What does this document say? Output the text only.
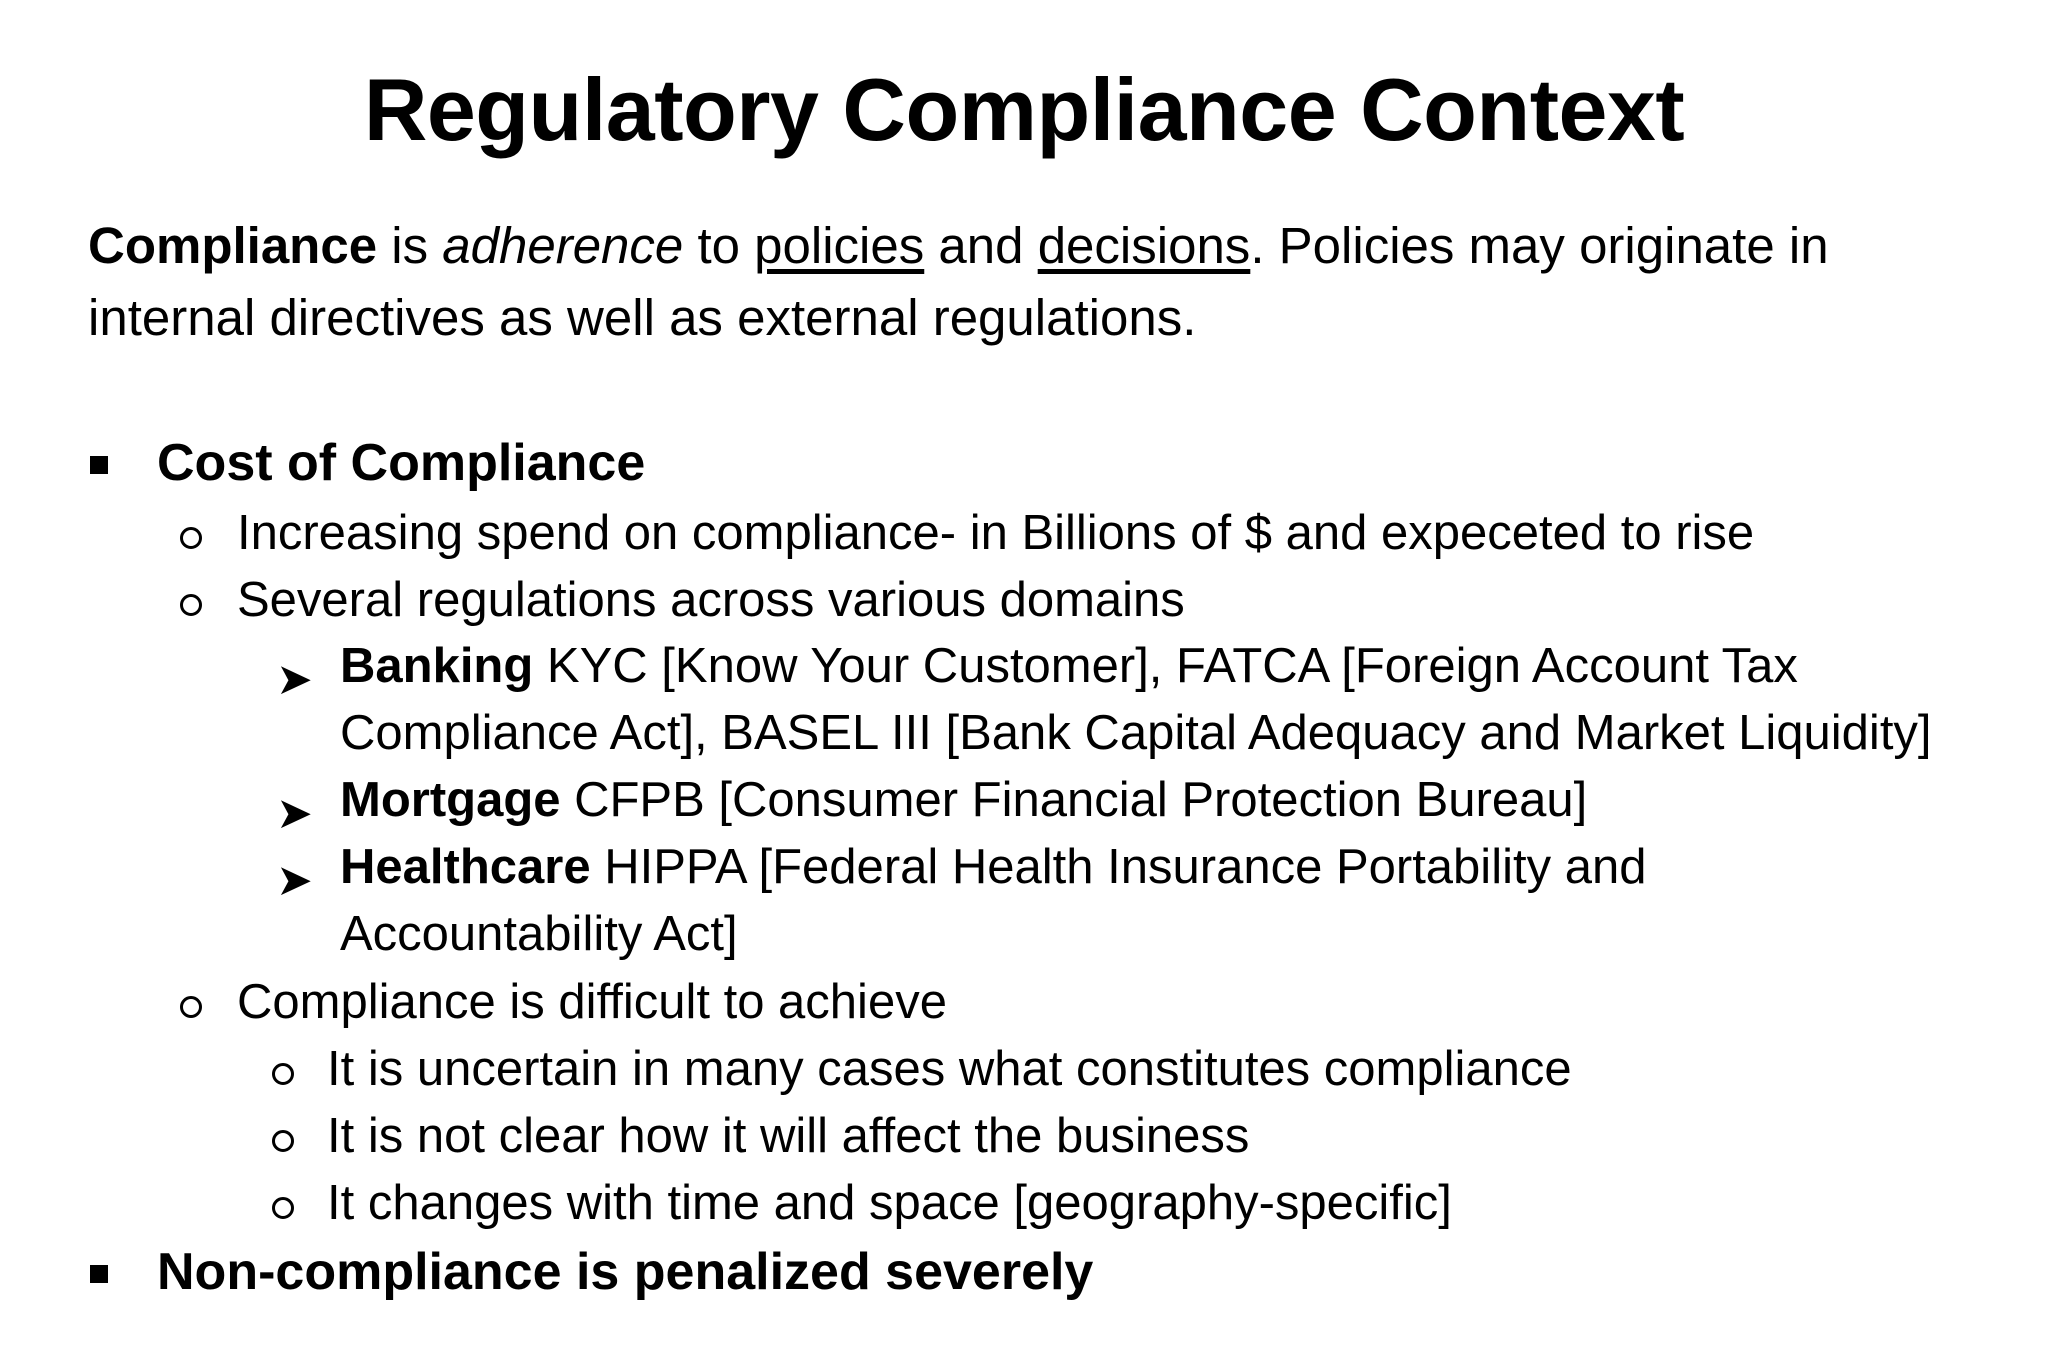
Regulatory Compliance Context
Compliance is adherence to policies and decisions. Policies may originate in
internal directives as well as external regulations.
Cost of Compliance
Increasing spend on compliance- in Billions of $ and expeceted to rise
Several regulations across various domains
➤ Banking KYC [Know Your Customer], FATCA [Foreign Account Tax
Compliance Act], BASEL III [Bank Capital Adequacy and Market Liquidity]
➤ Mortgage CFPB [Consumer Financial Protection Bureau]
➤ Healthcare HIPPA [Federal Health Insurance Portability and
Accountability Act]
Compliance is difficult to achieve
It is uncertain in many cases what constitutes compliance
It is not clear how it will affect the business
It changes with time and space [geography-specific]
Non-compliance is penalized severely
